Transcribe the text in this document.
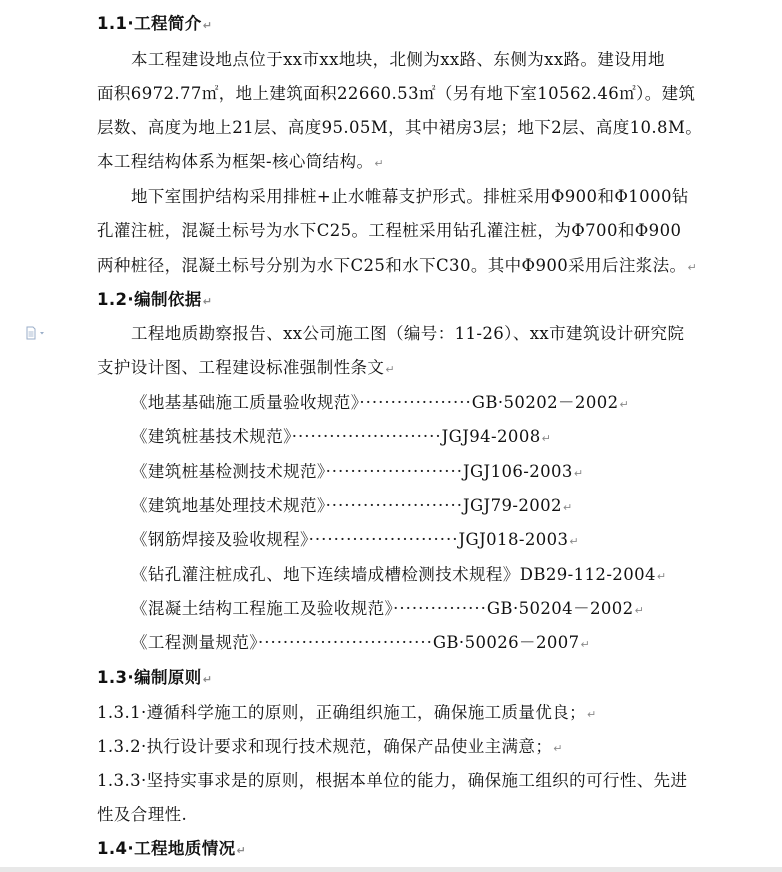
1.1·工程简介↵
本工程建设地点位于xx市xx地块，北侧为xx路、东侧为xx路。建设用地
面积6972.77㎡，地上建筑面积22660.53㎡（另有地下室10562.46㎡）。建筑
层数、高度为地上21层、高度95.05M，其中裙房3层；地下2层、高度10.8M。
本工程结构体系为框架-核心筒结构。↵
地下室围护结构采用排桩+止水帷幕支护形式。排桩采用Φ900和Φ1000钻
孔灌注桩，混凝土标号为水下C25。工程桩采用钻孔灌注桩，为Φ700和Φ900
两种桩径，混凝土标号分别为水下C25和水下C30。其中Φ900采用后注浆法。↵
1.2·编制依据↵
工程地质勘察报告、xx公司施工图（编号：11-26）、xx市建筑设计研究院
支护设计图、工程建设标准强制性条文↵
《地基基础施工质量验收规范》··················GB·50202－2002↵
《建筑桩基技术规范》························JGJ94-2008↵
《建筑桩基检测技术规范》······················JGJ106-2003↵
《建筑地基处理技术规范》······················JGJ79-2002↵
《钢筋焊接及验收规程》························JGJ018-2003↵
《钻孔灌注桩成孔、地下连续墙成槽检测技术规程》DB29-112-2004↵
《混凝土结构工程施工及验收规范》···············GB·50204－2002↵
《工程测量规范》····························GB·50026－2007↵
1.3·编制原则↵
1.3.1·遵循科学施工的原则，正确组织施工，确保施工质量优良；↵
1.3.2·执行设计要求和现行技术规范，确保产品使业主满意；↵
1.3.3·坚持实事求是的原则，根据本单位的能力，确保施工组织的可行性、先进
性及合理性.
1.4·工程地质情况↵
